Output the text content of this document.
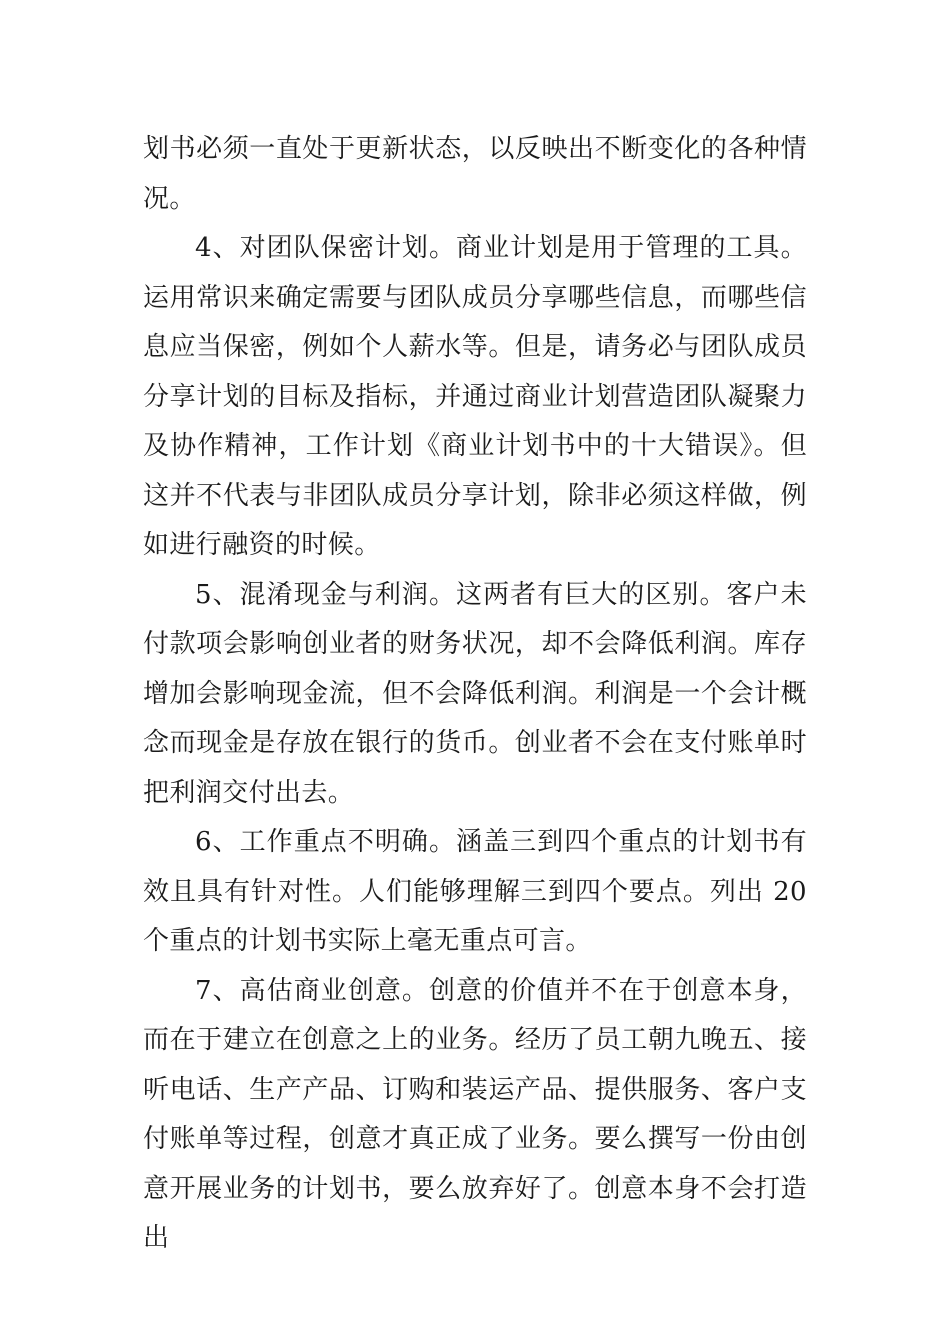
划书必须一直处于更新状态，以反映出不断变化的各种情况。

4、对团队保密计划。商业计划是用于管理的工具。运用常识来确定需要与团队成员分享哪些信息，而哪些信息应当保密，例如个人薪水等。但是，请务必与团队成员分享计划的目标及指标，并通过商业计划营造团队凝聚力及协作精神，工作计划《商业计划书中的十大错误》。但这并不代表与非团队成员分享计划，除非必须这样做，例如进行融资的时候。

5、混淆现金与利润。这两者有巨大的区别。客户未付款项会影响创业者的财务状况，却不会降低利润。库存增加会影响现金流，但不会降低利润。利润是一个会计概念而现金是存放在银行的货币。创业者不会在支付账单时把利润交付出去。

6、工作重点不明确。涵盖三到四个重点的计划书有效且具有针对性。人们能够理解三到四个要点。列出 20 个重点的计划书实际上毫无重点可言。

7、高估商业创意。创意的价值并不在于创意本身，而在于建立在创意之上的业务。经历了员工朝九晚五、接听电话、生产产品、订购和装运产品、提供服务、客户支付账单等过程，创意才真正成了业务。要么撰写一份由创意开展业务的计划书，要么放弃好了。创意本身不会打造出
